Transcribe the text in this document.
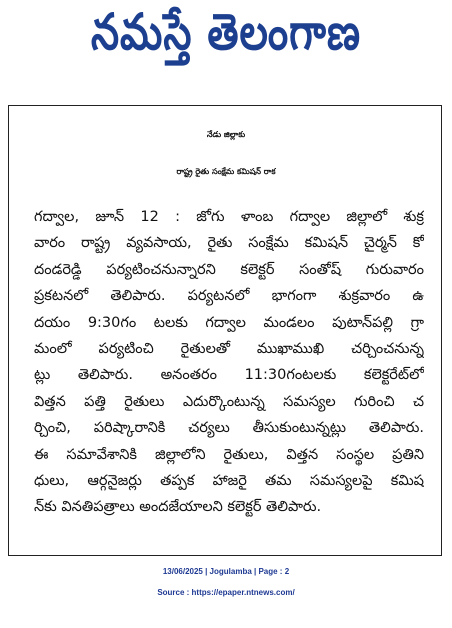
నమస్తే తెలంగాణ
నేడు జిల్లాకు
రాష్ట్ర రైతు సంక్షేమ కమిషన్ రాక
గద్వాల, జూన్ 12 : జోగు ళాంబ గద్వాల జిల్లాలో శుక్ర
వారం రాష్ట్ర వ్యవసాయ, రైతు సంక్షేమ కమిషన్ చైర్మన్ కో
దండరెడ్డి పర్యటించనున్నారని కలెక్టర్ సంతోష్ గురువారం
ప్రకటనలో తెలిపారు. పర్యటనలో భాగంగా శుక్రవారం ఉ
దయం 9:30గం టలకు గద్వాల మండలం పుటాన్‌పల్లి గ్రా
మంలో పర్యటించి రైతులతో ముఖాముఖి చర్చించనున్న
ట్లు తెలిపారు. అనంతరం 11:30గంటలకు కలెక్టరేట్‌లో
విత్తన పత్తి రైతులు ఎదుర్కొంటున్న సమస్యల గురించి చ
ర్చించి, పరిష్కారానికి చర్యలు తీసుకుంటున్నట్లు తెలిపారు.
ఈ సమావేశానికి జిల్లాలోని రైతులు, విత్తన సంస్థల ప్రతిని
ధులు, ఆర్గనైజర్లు తప్పక హాజరై తమ సమస్యలపై కమిష
న్‌కు వినతిపత్రాలు అందజేయాలని కలెక్టర్ తెలిపారు.
13/06/2025 | Jogulamba | Page : 2
Source : https://epaper.ntnews.com/
